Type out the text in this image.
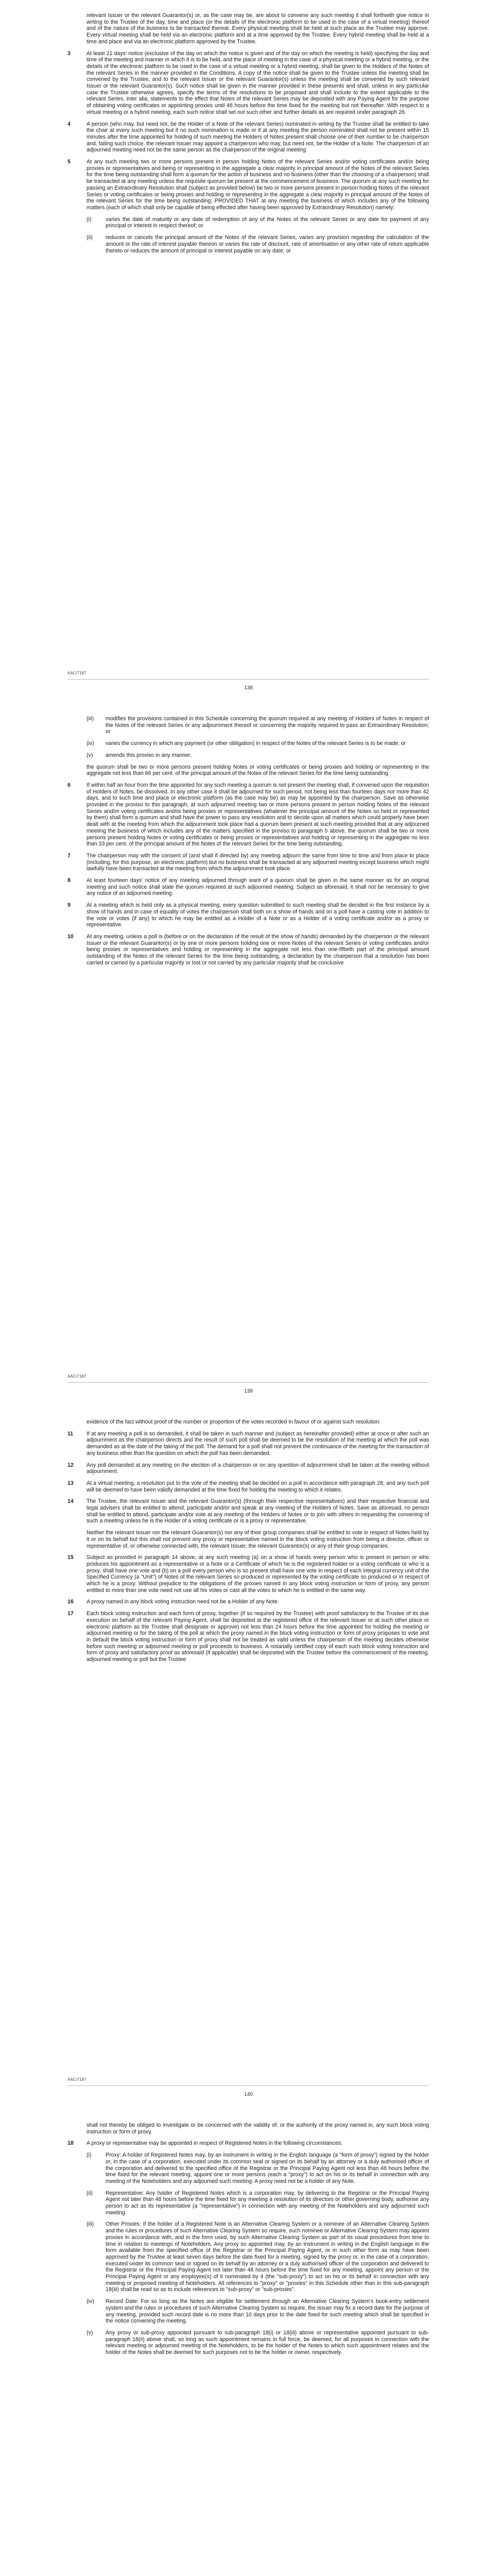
relevant Issuer or the relevant Guarantor(s) or, as the case may be, are about to convene any such meeting it shall forthwith give notice in writing to the Trustee of the day, time and place (or the details of the electronic platform to be used in the case of a virtual meeting) thereof and of the nature of the business to be transacted thereat. Every physical meeting shall be held at such place as the Trustee may approve. Every virtual meeting shall be held via an electronic platform and at a time approved by the Trustee. Every hybrid meeting shall be held at a time and place and via an electronic platform approved by the Trustee.

3	At least 21 days' notice (exclusive of the day on which the notice is given and of the day on which the meeting is held) specifying the day and time of the meeting and manner in which it is to be held, and the place of meeting in the case of a physical meeting or a hybrid meeting, or the details of the electronic platform to be used in the case of a virtual meeting or a hybrid meeting, shall be given to the Holders of the Notes of the relevant Series in the manner provided in the Conditions. A copy of the notice shall be given to the Trustee unless the meeting shall be convened by the Trustee, and to the relevant Issuer or the relevant Guarantor(s) unless the meeting shall be convened by such relevant Issuer or the relevant Guarantor(s). Such notice shall be given in the manner provided in these presents and shall, unless in any particular case the Trustee otherwise agrees, specify the terms of the resolutions to be proposed and shall include to the extent applicable to the relevant Series, inter alia, statements to the effect that Notes of the relevant Series may be deposited with any Paying Agent for the purpose of obtaining voting certificates or appointing proxies until 48 hours before the time fixed for the meeting but not thereafter. With respect to a virtual meeting or a hybrid meeting, each such notice shall set out such other and further details as are required under paragraph 26.
4	A person (who may, but need not, be the Holder of a Note of the relevant Series) nominated in writing by the Trustee shall be entitled to take the chair at every such meeting but if no such nomination is made or if at any meeting the person nominated shall not be present within 15 minutes after the time appointed for holding of such meeting the Holders of Notes present shall choose one of their number to be chairperson and, failing such choice, the relevant Issuer may appoint a chairperson who may, but need not, be the Holder of a Note. The chairperson of an adjourned meeting need not be the same person as the chairperson of the original meeting.
5	At any such meeting two or more persons present in person holding Notes of the relevant Series and/or voting certificates and/or being proxies or representatives and being or representing in the aggregate a clear majority in principal amount of the Notes of the relevant Series for the time being outstanding shall form a quorum for the action of business and no business (other than the choosing of a chairperson) shall be transacted at any meeting unless the requisite quorum be present at the commencement of business. The quorum at any such meeting for passing an Extraordinary Resolution shall (subject as provided below) be two or more persons present in person holding Notes of the relevant Series or voting certificates or being proxies and holding or representing in the aggregate a clear majority in principal amount of the Notes of the relevant Series for the time being outstanding; PROVIDED THAT at any meeting the business of which includes any of the following matters (each of which shall only be capable of being effected after having been approved by Extraordinary Resolution) namely:
(i)	varies the date of maturity or any date of redemption of any of the Notes of the relevant Series or any date for payment of any principal or interest in respect thereof; or
(ii) reduces or cancels the principal amount of the Notes of the relevant Series, varies any provision regarding the calculation of the amount or the rate of interest payable thereon or varies the rate of discount, rate of amortisation or any other rate of return applicable thereto or reduces the amount of principal or interest payable on any date; or
AAC/7187
138
(iii) modifies the provisions contained in this Schedule concerning the quorum required at any meeting of Holders of Notes in respect of the Notes of the relevant Series or any adjournment thereof or concerning the majority required to pass an Extraordinary Resolution; or
(iv) varies the currency in which any payment (or other obligation) in respect of the Notes of the relevant Series is to be made; or
(v) amends this proviso in any manner,

the quorum shall be two or more persons present holding Notes or voting certificates or being proxies and holding or representing in the aggregate not less than 66 per cent. of the principal amount of the Notes of the relevant Series for the time being outstanding.

6	If within half an hour from the time appointed for any such meeting a quorum is not present the meeting shall, if convened upon the requisition of Holders of Notes, be dissolved. In any other case it shall be adjourned for such period, not being less than fourteen days nor more than 42 days, and to such time and place or electronic platform (as the case may be) as may be appointed by the chairperson. Save as otherwise provided in the proviso to this paragraph, at such adjourned meeting two or more persons present in person holding Notes of the relevant Series and/or voting certificates and/or being proxies or representatives (whatever the principal amount of the Notes so held or represented by them) shall form a quorum and shall have the power to pass any resolution and to decide upon all matters which could properly have been dealt with at the meeting from which the adjournment took place had a quorum been present at such meeting provided that at any adjourned meeting the business of which includes any of the matters specified in the proviso to paragraph 5 above, the quorum shall be two or more persons present holding Notes or voting certificates or being proxies or representatives and holding or representing in the aggregate no less than 33 per cent. of the principal amount of the Notes of the relevant Series for the time being outstanding.
7	The chairperson may with the consent of (and shall if directed by) any meeting adjourn the same from time to time and from place to place (including, for this purpose, an electronic platform) but no business shall be transacted at any adjourned meeting except business which might lawfully have been transacted at the meeting from which the adjournment took place.
8	At least fourteen days' notice of any meeting adjourned through want of a quorum shall be given in the same manner as for an original meeting and such notice shall state the quorum required at such adjourned meeting. Subject as aforesaid, it shall not be necessary to give any notice of an adjourned meeting.
9	At a meeting which is held only as a physical meeting, every question submitted to such meeting shall be decided in the first instance by a show of hands and in case of equality of votes the chairperson shall both on a show of hands and on a poll have a casting vote in addition to the vote or votes (if any) to which he may be entitled as a Holder of a Note or as a Holder of a voting certificate and/or as a proxy or representative.
10 At any meeting, unless a poll is (before or on the declaration of the result of the show of hands) demanded by the chairperson or the relevant Issuer or the relevant Guarantor(s) or by one or more persons holding one or more Notes of the relevant Series or voting certificates and/or being proxies or representatives and holding or representing in the aggregate not less than one-fiftieth part of the principal amount outstanding of the Notes of the relevant Series for the time being outstanding, a declaration by the chairperson that a resolution has been carried or carried by a particular majority or lost or not carried by any particular majority shall be conclusive
AAC/7187
139

evidence of the fact without proof of the number or proportion of the votes recorded in favour of or against such resolution.

11 If at any meeting a poll is so demanded, it shall be taken in such manner and (subject as hereinafter provided) either at once or after such an adjournment as the chairperson directs and the result of such poll shall be deemed to be the resolution of the meeting at which the poll was demanded as at the date of the taking of the poll. The demand for a poll shall not prevent the continuance of the meeting for the transaction of any business other than the question on which the poll has been demanded.
12 Any poll demanded at any meeting on the election of a chairperson or on any question of adjournment shall be taken at the meeting without adjournment.
13 At a virtual meeting, a resolution put to the vote of the meeting shall be decided on a poll in accordance with paragraph 28, and any such poll will be deemed to have been validly demanded at the time fixed for holding the meeting to which it relates.
14 The Trustee, the relevant Issuer and the relevant Guarantor(s) (through their respective representatives) and their respective financial and legal advisers shall be entitled to attend, participate and/or and speak at any meeting of the Holders of Notes. Save as aforesaid, no person shall be entitled to attend, participate and/or vote at any meeting of the Holders of Notes or to join with others in requesting the convening of such a meeting unless he is the Holder of a voting certificate or is a proxy or representative.

Neither the relevant Issuer nor the relevant Guarantor(s) nor any of their group companies shall be entitled to vote in respect of Notes held by it or on its behalf but this shall not prevent any proxy or representative named in the block voting instruction from being a director, officer or representative of, or otherwise connected with, the relevant Issuer, the relevant Guarantor(s) or any of their group companies.

15 Subject as provided in paragraph 14 above, at any such meeting (a) on a show of hands every person who is present in person or who produces his appointment as a representative or a Note or a Certificate of which he is the registered holder or a voting certificate or who is a proxy, shall have one vote and (b) on a poll every person who is so present shall have one vote in respect of each integral currency unit of the Specified Currency (a "Unit") of Notes of the relevant Series so produced or represented by the voting certificate so produced or in respect of which he is a proxy. Without prejudice to the obligations of the proxies named in any block voting instruction or form of proxy, any person entitled to more than one vote need not use all his votes or cast all the votes to which he is entitled in the same way.
16 A proxy named in any block voting instruction need not be a Holder of any Note.
17 Each block voting instruction and each form of proxy, together (if so required by the Trustee) with proof satisfactory to the Trustee of its due execution on behalf of the relevant Paying Agent, shall be deposited at the registered office of the relevant Issuer or at such other place or electronic platform as the Trustee shall designate or approve) not less than 24 hours before the time appointed for holding the meeting or adjourned meeting or for the taking of the poll at which the proxy named in the block voting instruction or form of proxy proposes to vote and in default the block voting instruction or form of proxy shall not be treated as valid unless the chairperson of the meeting decides otherwise before such meeting or adjourned meeting or poll proceeds to business. A notarially certified copy of each such block voting instruction and form of proxy and satisfactory proof as aforesaid (if applicable) shall be deposited with the Trustee before the commencement of the meeting, adjourned meeting or poll but the Trustee
AAC/7187
140

shall not thereby be obliged to investigate or be concerned with the validity of, or the authority of the proxy named in, any such block voting instruction or form of proxy.

18 A proxy or representative may be appointed in respect of Registered Notes in the following circumstances:
(i)	Proxy: A holder of Registered Notes may, by an instrument in writing in the English language (a "form of proxy") signed by the holder or, in the case of a corporation, executed under its common seal or signed on its behalf by an attorney or a duly authorised officer of the corporation and delivered to the specified office of the Registrar or the Principal Paying Agent not less than 48 hours before the time fixed for the relevant meeting, appoint one or more persons (each a "proxy") to act on his or its behalf in connection with any meeting of the Noteholders and any adjourned such meeting. A proxy need not be a holder of any Note.
(ii) Representative: Any holder of Registered Notes which is a corporation may, by delivering to the Registrar or the Principal Paying Agent not later than 48 hours before the time fixed for any meeting a resolution of its directors or other governing body, authorise any person to act as its representative (a "representative") in connection with any meeting of the Noteholders and any adjourned such meeting.
(iii) Other Proxies: If the holder of a Registered Note is an Alternative Clearing System or a nominee of an Alternative Clearing System and the rules or procedures of such Alternative Clearing System so require, such nominee or Alternative Clearing System may appoint proxies in accordance with, and in the form used, by such Alternative Clearing System as part of its usual procedures from time to time in relation to meetings of Noteholders. Any proxy so appointed may, by an instrument in writing in the English language in the form available from the specified office of the Registrar or the Principal Paying Agent, or in such other form as may have been approved by the Trustee at least seven days before the date fixed for a meeting, signed by the proxy or, in the case of a corporation, executed under its common seal or signed on its behalf by an attorney or a duly authorised officer of the corporation and delivered to the Registrar or the Principal Paying Agent not later than 48 hours before the time fixed for any meeting, appoint any person or the Principal Paying Agent or any employee(s) of it nominated by it (the "sub-proxy") to act on his or its behalf in connection with any meeting or proposed meeting of Noteholders. All references to "proxy" or "proxies" in this Schedule other than in this sub-paragraph 18(iii) shall be read so as to include references to "sub-proxy" or "sub-proxies".
(iv) Record Date: For so long as the Notes are eligible for settlement through an Alternative Clearing System's book-entry settlement system and the rules or procedures of such Alternative Clearing System so require, the Issuer may fix a record date for the purpose of any meeting, provided such record date is no more than 10 days prior to the date fixed for such meeting which shall be specified in the notice convening the meeting.
(v) Any proxy or sub-proxy appointed pursuant to sub-paragraph 18(i) or 18(iii) above or representative appointed pursuant to sub-paragraph 18(ii) above shall, so long as such appointment remains in full force, be deemed, for all purposes in connection with the relevant meeting or adjourned meeting of the Noteholders, to be the holder of the Notes to which such appointment relates and the holder of the Notes shall be deemed for such purposes not to be the holder or owner, respectively.
